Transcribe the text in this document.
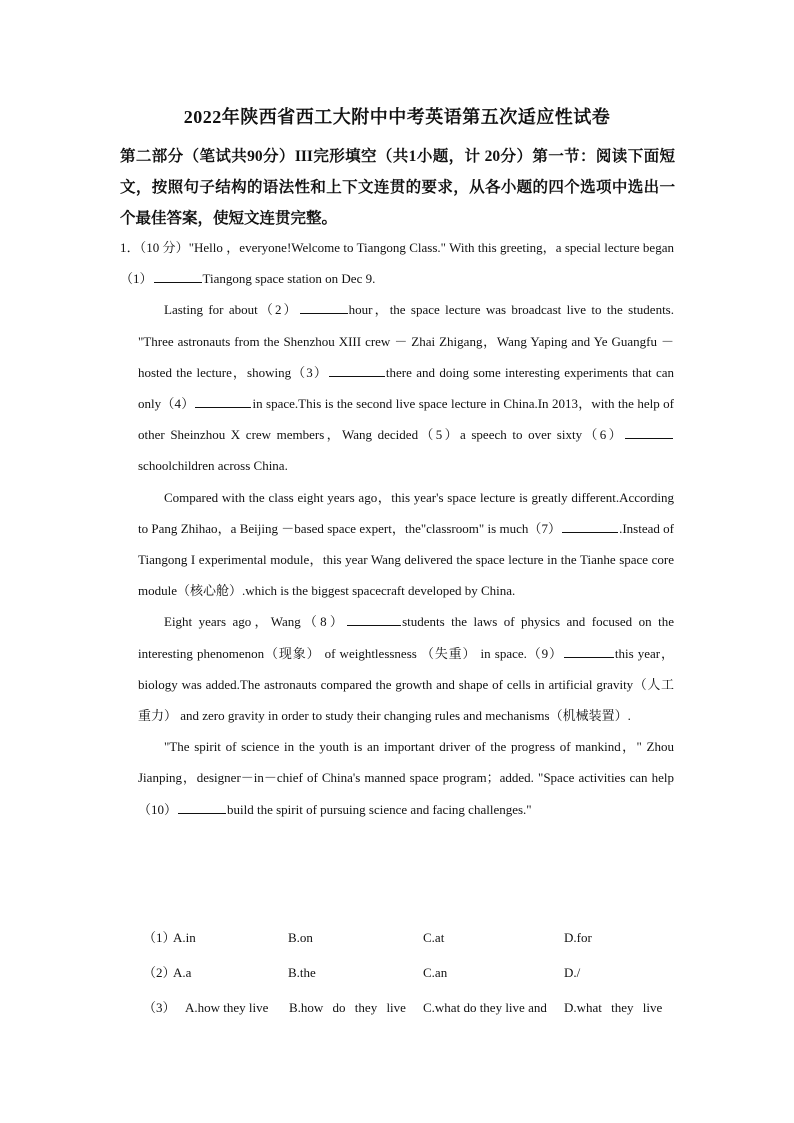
2022年陕西省西工大附中中考英语第五次适应性试卷
第二部分（笔试共90分）III完形填空（共1小题，计 20分）第一节：阅读下面短文，按照句子结构的语法性和上下文连贯的要求，从各小题的四个选项中选出一个最佳答案，使短文连贯完整。
1．（10 分）"Hello ，everyone!Welcome to Tiangong Class." With this greeting，a special lecture began（1）	Tiangong space station on Dec 9.

Lasting for about（2）	hour，the space lecture was broadcast live to the students. "Three astronauts from the Shenzhou XIII crew － Zhai Zhigang，Wang Yaping and Ye Guangfu － hosted the lecture，showing（3）	there and doing some interesting experiments that can only（4）	in space.This is the second live space lecture in China.In 2013，with the help of other Sheinzhou X crew members，Wang decided（5）a speech to over sixty（6）schoolchildren across China.

Compared with the class eight years ago，this year's space lecture is greatly different.According to Pang Zhihao，a Beijing －based space expert，the"classroom" is much（7）	.Instead of Tiangong I experimental module，this year Wang delivered the space lecture in the Tianhe space core module（核心舱）.which is the biggest spacecraft developed by China.

Eight years ago，Wang（8）	students the laws of physics and focused on the interesting phenomenon（现象） of weightlessness （失重） in space.（9）	this year，biology was added.The astronauts compared the growth and shape of cells in artificial gravity（人工重力） and zero gravity in order to study their changing rules and mechanisms（机械装置）.

"The spirit of science in the youth is an important driver of the progress of mankind，" Zhou Jianping，designer－in－chief of China's manned space program；added. "Space activities can help（10）	build the spirit of pursuing science and facing challenges."

（1）
A.in	B.on	C.at	D.for
（2）
A.a	B.the	C.an	D./
（3） A.how they live B.how do they live C.what do they live and D.what they live
